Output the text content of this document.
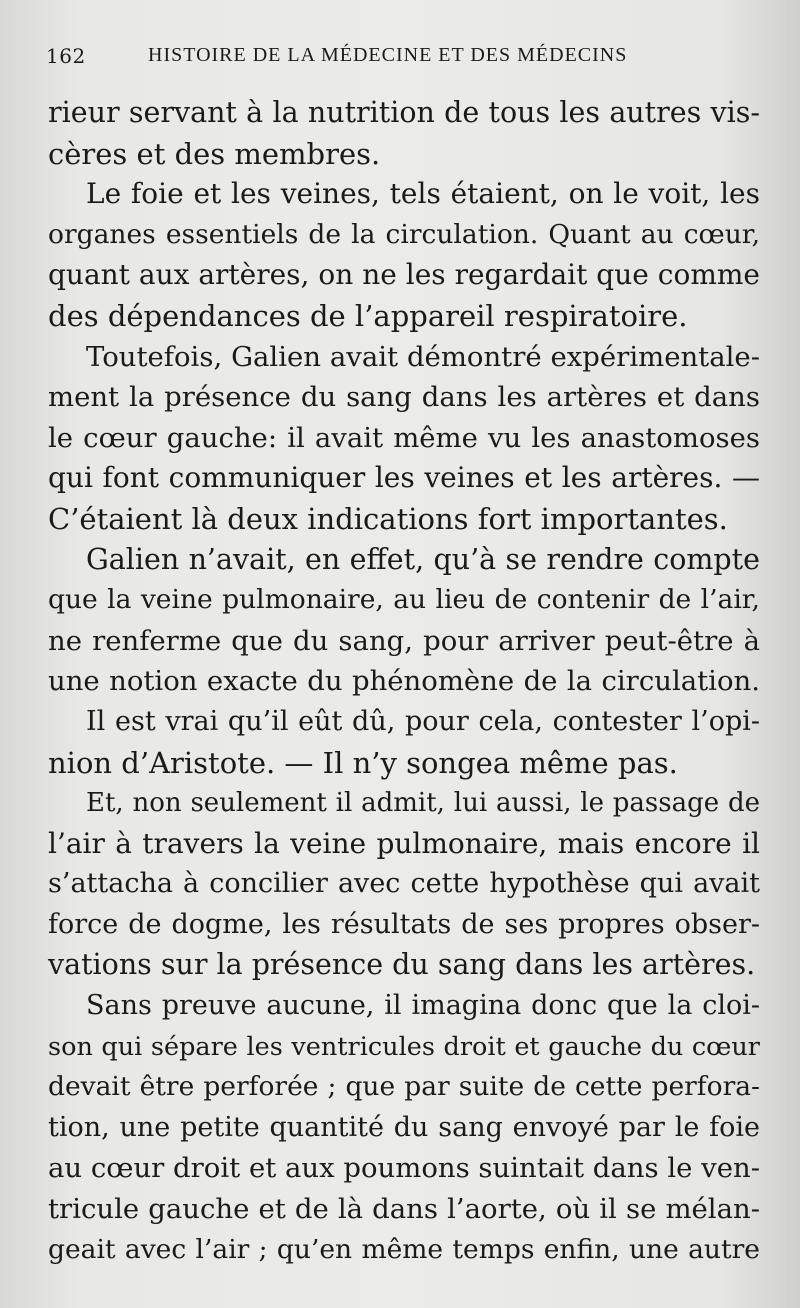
162	HISTOIRE DE LA MÉDECINE ET DES MÉDECINS
rieur servant à la nutrition de tous les autres vis-
cères et des membres.
Le foie et les veines, tels étaient, on le voit, les
organes essentiels de la circulation. Quant au cœur,
quant aux artères, on ne les regardait que comme
des dépendances de l’appareil respiratoire.
Toutefois, Galien avait démontré expérimentale-
ment la présence du sang dans les artères et dans
le cœur gauche: il avait même vu les anastomoses
qui font communiquer les veines et les artères. —
C’étaient là deux indications fort importantes.
Galien n’avait, en effet, qu’à se rendre compte
que la veine pulmonaire, au lieu de contenir de l’air,
ne renferme que du sang, pour arriver peut-être à
une notion exacte du phénomène de la circulation.
Il est vrai qu’il eût dû, pour cela, contester l’opi-
nion d’Aristote. — Il n’y songea même pas.
Et, non seulement il admit, lui aussi, le passage de
l’air à travers la veine pulmonaire, mais encore il
s’attacha à concilier avec cette hypothèse qui avait
force de dogme, les résultats de ses propres obser-
vations sur la présence du sang dans les artères.
Sans preuve aucune, il imagina donc que la cloi-
son qui sépare les ventricules droit et gauche du cœur
devait être perforée ; que par suite de cette perfora-
tion, une petite quantité du sang envoyé par le foie
au cœur droit et aux poumons suintait dans le ven-
tricule gauche et de là dans l’aorte, où il se mélan-
geait avec l’air ; qu’en même temps enfin, une autre
